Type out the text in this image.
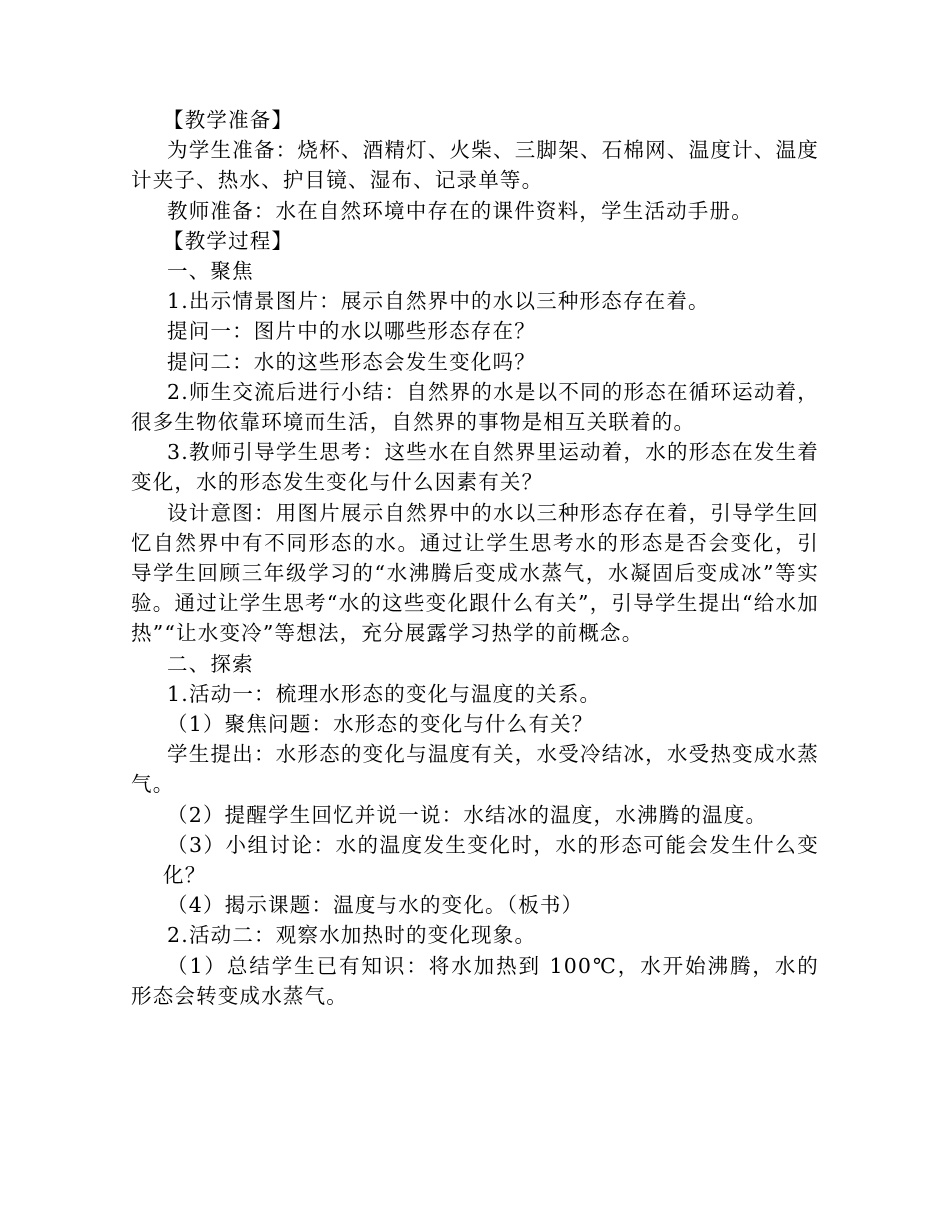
【教学准备】

为学生准备：烧杯、酒精灯、火柴、三脚架、石棉网、温度计、温度计夹子、热水、护目镜、湿布、记录单等。

教师准备：水在自然环境中存在的课件资料，学生活动手册。

【教学过程】

一、聚焦

1.出示情景图片：展示自然界中的水以三种形态存在着。

提问一：图片中的水以哪些形态存在？

提问二：水的这些形态会发生变化吗？

2.师生交流后进行小结：自然界的水是以不同的形态在循环运动着，很多生物依靠环境而生活，自然界的事物是相互关联着的。

3.教师引导学生思考：这些水在自然界里运动着，水的形态在发生着变化，水的形态发生变化与什么因素有关？

设计意图：用图片展示自然界中的水以三种形态存在着，引导学生回忆自然界中有不同形态的水。通过让学生思考水的形态是否会变化，引导学生回顾三年级学习的“水沸腾后变成水蒸气，水凝固后变成冰”等实验。通过让学生思考“水的这些变化跟什么有关”，引导学生提出“给水加热”“让水变冷”等想法，充分展露学习热学的前概念。

二、探索

1.活动一：梳理水形态的变化与温度的关系。

（1）聚焦问题：水形态的变化与什么有关？

学生提出：水形态的变化与温度有关，水受冷结冰，水受热变成水蒸气。

（2）提醒学生回忆并说一说：水结冰的温度，水沸腾的温度。

（3）小组讨论：水的温度发生变化时，水的形态可能会发生什么变化？

（4）揭示课题：温度与水的变化。（板书）

2.活动二：观察水加热时的变化现象。

（1）总结学生已有知识：将水加热到 100℃，水开始沸腾，水的形态会转变成水蒸气。
